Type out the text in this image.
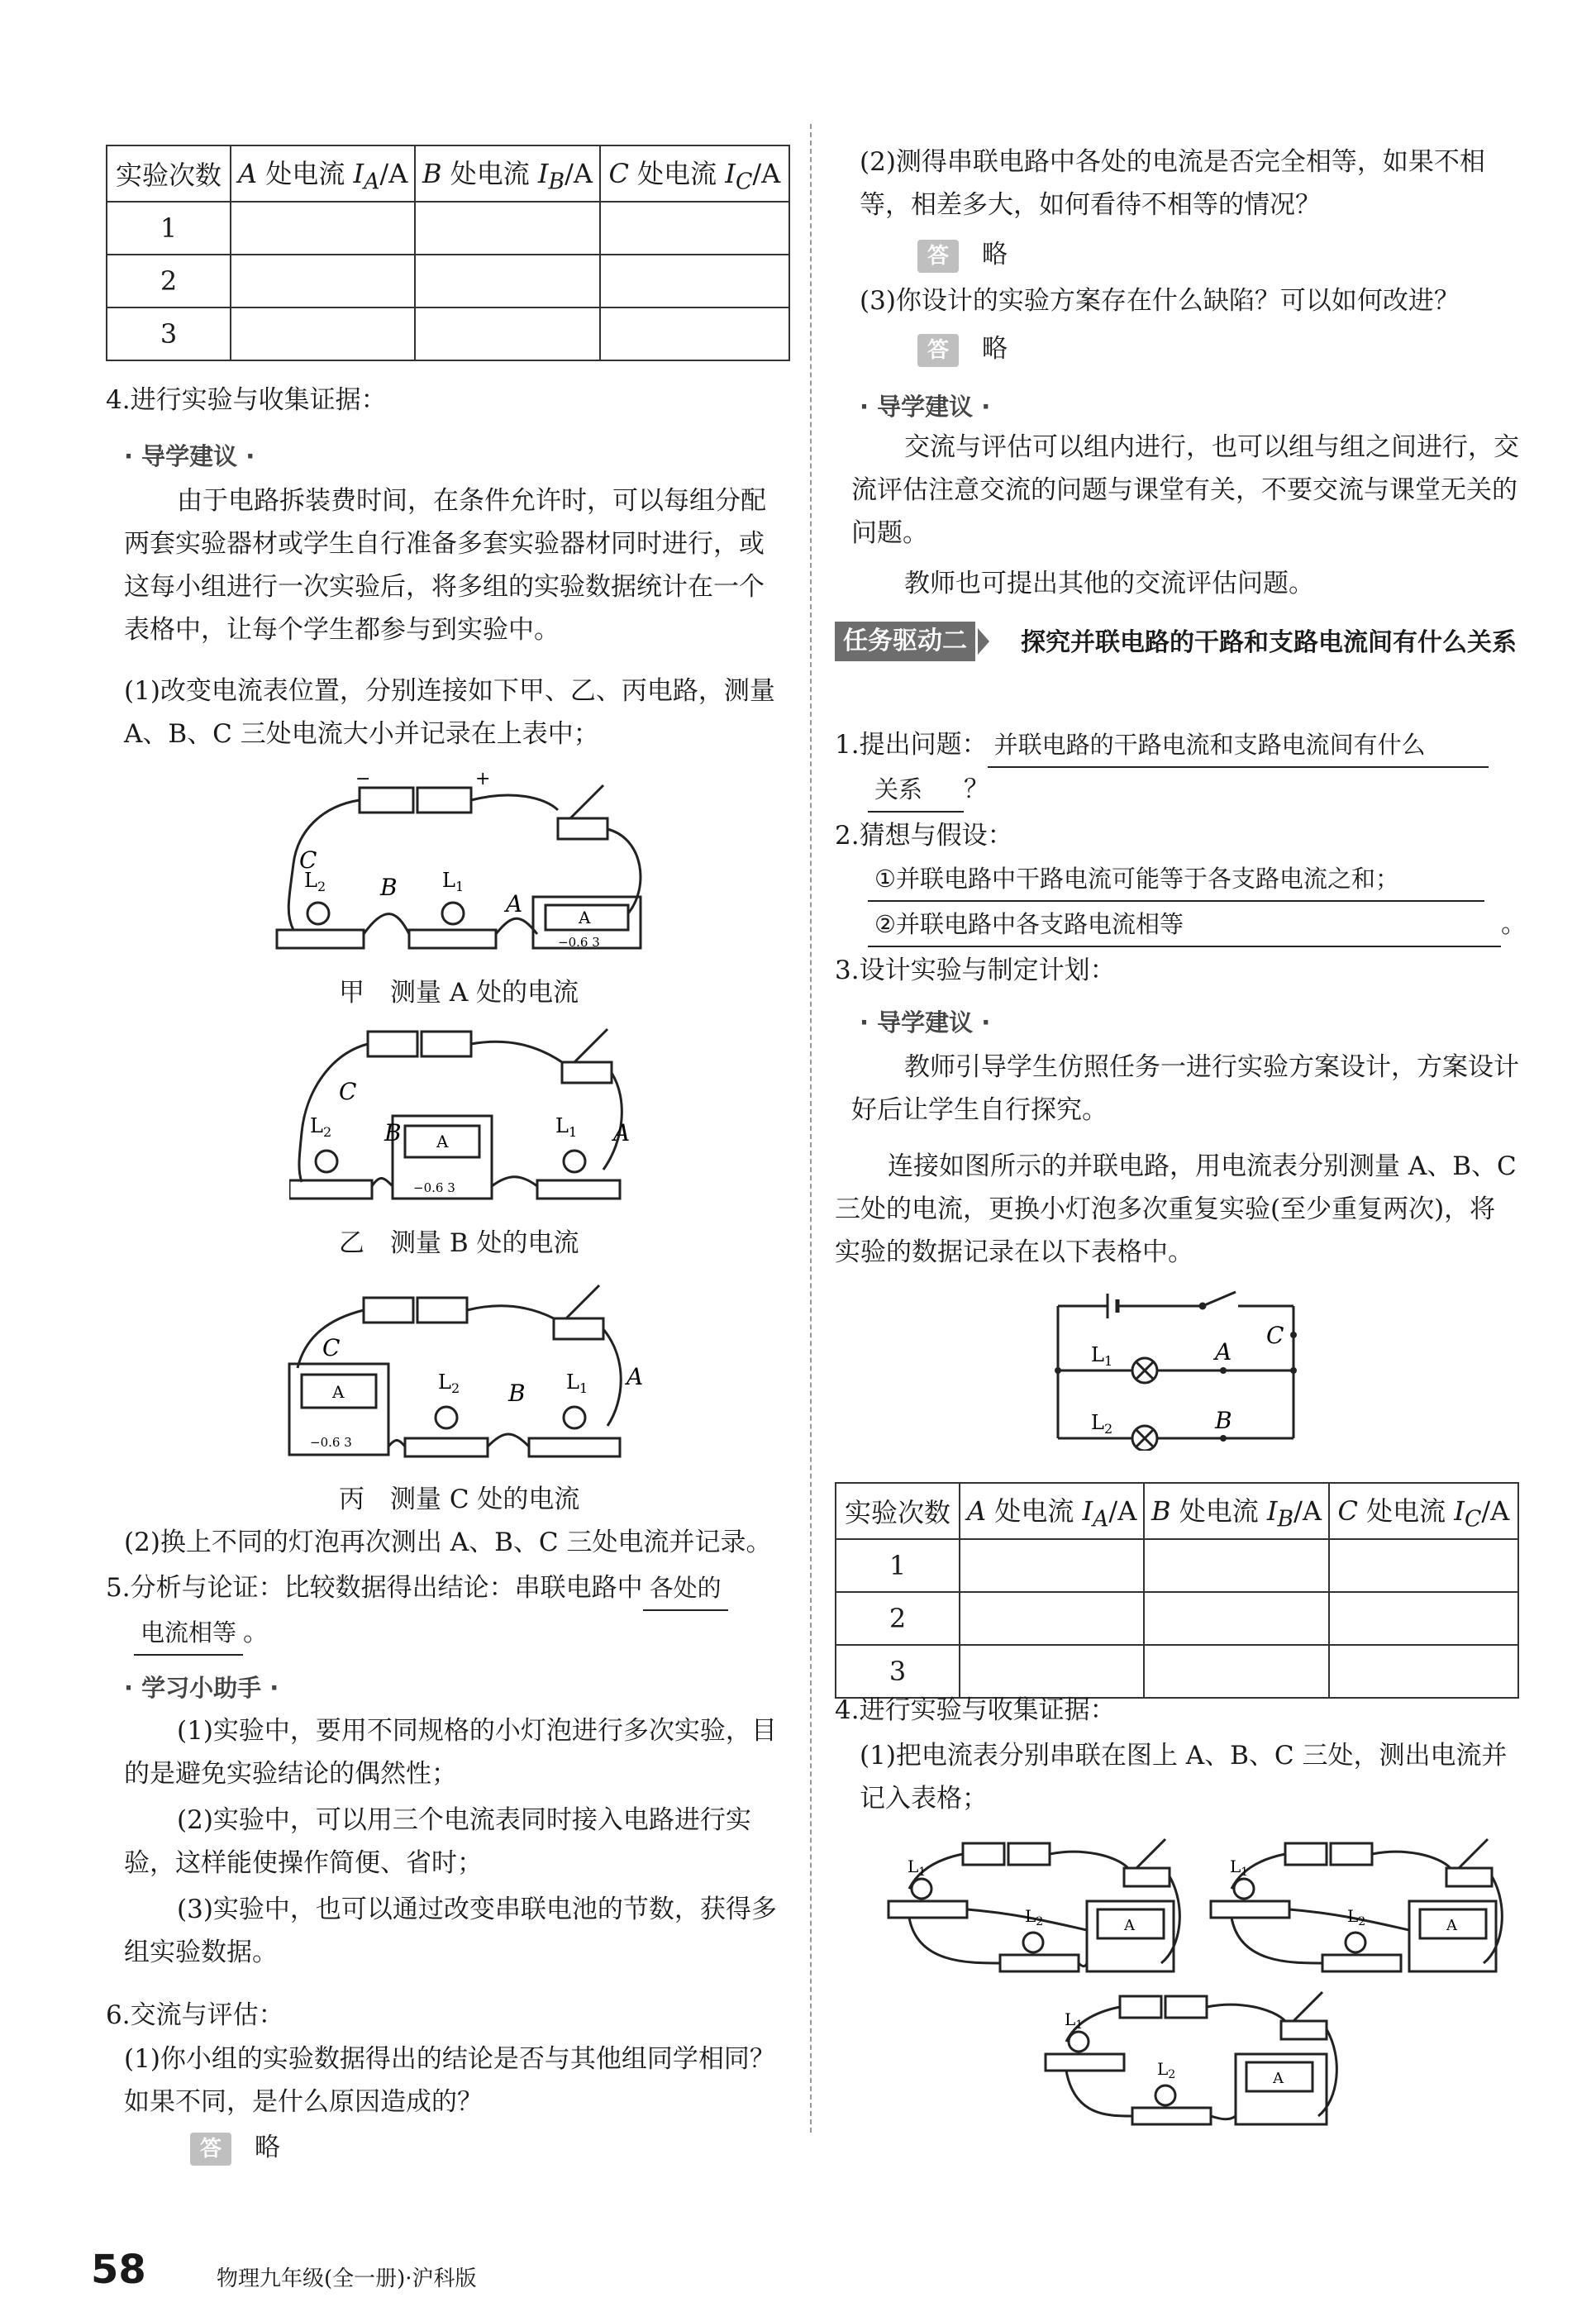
实验次数	A 处电流 $I_A/A$	B 处电流 $I_B/A$	C 处电流 $I_C/A$
1			
2			
3			
4.进行实验与收集证据：
· 导学建议 ·
由于电路拆装费时间，在条件允许时，可以每组分配两套实验器材或学生自行准备多套实验器材同时进行，或这每小组进行一次实验后，将多组的实验数据统计在一个表格中，让每个学生都参与到实验中。
(1)改变电流表位置，分别连接如下甲、乙、丙电路，测量A、B、C 三处电流大小并记录在上表中；
C
B
A
$L_2$	$L_1$
A
−0.6 3
−	+
甲　测量 A 处的电流
C
B	A
$L_2$	$L_1$
A
−0.6 3
乙　测量 B 处的电流
C
B
A
$L_2$	$L_1$
A
−0.6 3
丙　测量 C 处的电流
(2)换上不同的灯泡再次测出 A、B、C 三处电流并记录。
5.分析与论证：比较数据得出结论：串联电路中 各处的
电流相等 。
· 学习小助手 ·
(1)实验中，要用不同规格的小灯泡进行多次实验，目的是避免实验结论的偶然性；
(2)实验中，可以用三个电流表同时接入电路进行实验，这样能使操作简便、省时；
(3)实验中，也可以通过改变串联电池的节数，获得多组实验数据。
6.交流与评估：
(1)你小组的实验数据得出的结论是否与其他组同学相同？如果不同，是什么原因造成的？
答 略
(2)测得串联电路中各处的电流是否完全相等，如果不相等，相差多大，如何看待不相等的情况？
答 略
(3)你设计的实验方案存在什么缺陷？可以如何改进？
答 略
· 导学建议 ·
交流与评估可以组内进行，也可以组与组之间进行，交流评估注意交流的问题与课堂有关，不要交流与课堂无关的问题。
教师也可提出其他的交流评估问题。
任务驱动二	探究并联电路的干路和支路电流间有什么关系
1.提出问题： 并联电路的干路电流和支路电流间有什么
关系 ？
2.猜想与假设：
①并联电路中干路电流可能等于各支路电流之和；
②并联电路中各支路电流相等	。
3.设计实验与制定计划：
· 导学建议 ·
教师引导学生仿照任务一进行实验方案设计，方案设计好后让学生自行探究。
连接如图所示的并联电路，用电流表分别测量 A、B、C 三处的电流，更换小灯泡多次重复实验(至少重复两次)，将实验的数据记录在以下表格中。
$L_1$
$L_2$
A
B
C
实验次数	A 处电流 $I_A/A$	B 处电流 $I_B/A$	C 处电流 $I_C/A$
1			
2			
3			
4.进行实验与收集证据：
(1)把电流表分别串联在图上 A、B、C 三处，测出电流并记入表格；
$L_1$
$L_2$	A
$L_1$
$L_2$	A
$L_1$
$L_2$	A
58	物理九年级(全一册)·沪科版
